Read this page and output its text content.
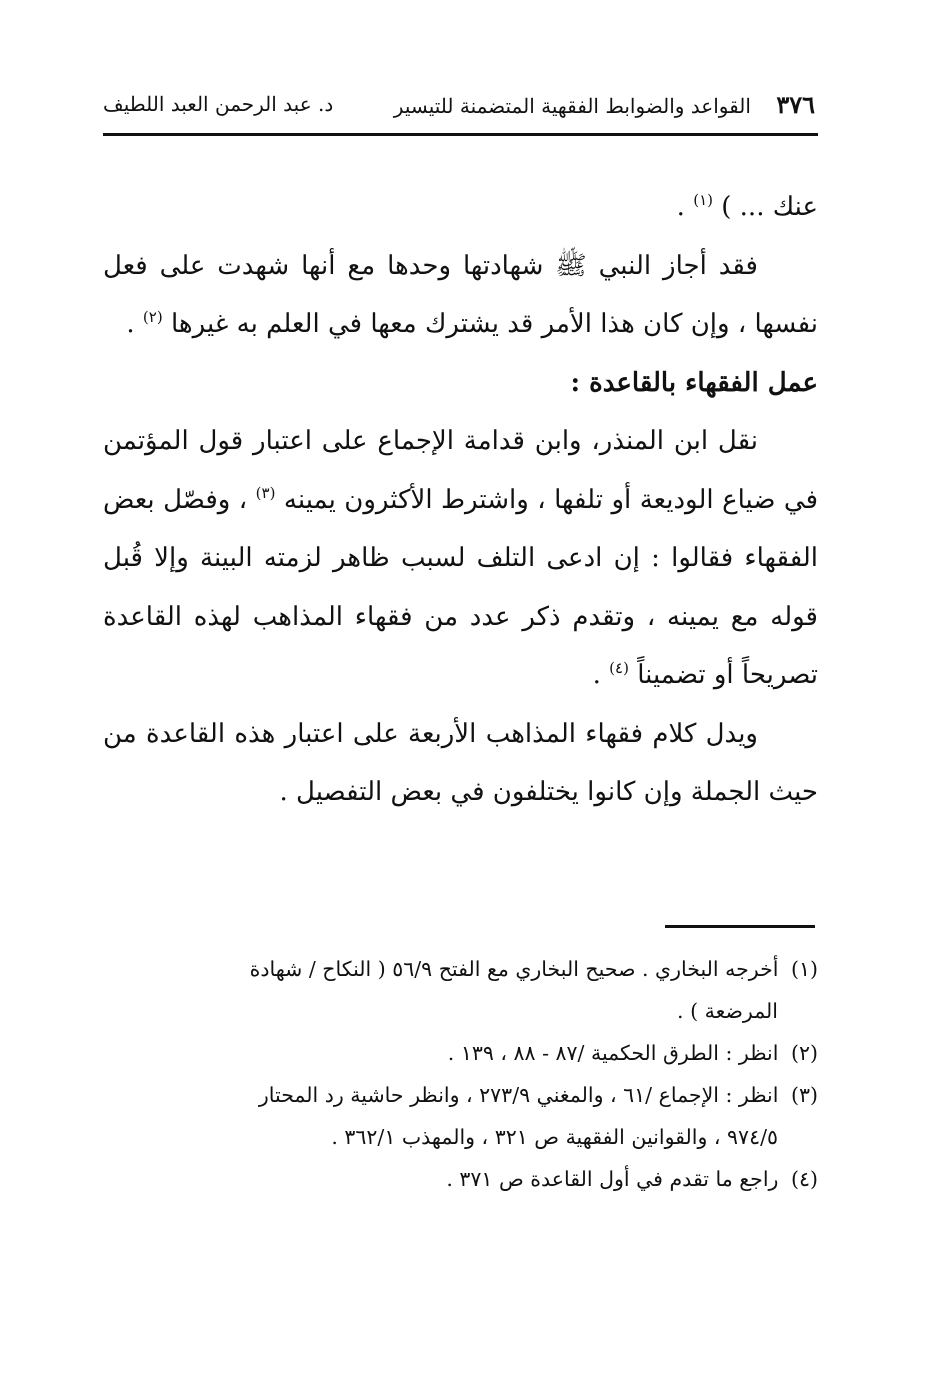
٣٧٦    القواعد والضوابط الفقهية المتضمنة للتيسير
د. عبد الرحمن العبد اللطيف

عنك ... ) $^{(١)}$ .

فقد أجاز النبي ﷺ شهادتها وحدها مع أنها شهدت على فعل نفسها ، وإن كان هذا الأمر قد يشترك معها في العلم به غيرها $^{(٢)}$ .

عمل الفقهاء بالقاعدة :

نقل ابن المنذر، وابن قدامة الإجماع على اعتبار قول المؤتمن في ضياع الوديعة أو تلفها ، واشترط الأكثرون يمينه $^{(٣)}$ ، وفصّل بعض الفقهاء فقالوا : إن ادعى التلف لسبب ظاهر لزمته البينة وإلا قُبل قوله مع يمينه ، وتقدم ذكر عدد من فقهاء المذاهب لهذه القاعدة تصريحاً أو تضميناً $^{(٤)}$ .

ويدل كلام فقهاء المذاهب الأربعة على اعتبار هذه القاعدة من حيث الجملة وإن كانوا يختلفون في بعض التفصيل .

(١) أخرجه البخاري . صحيح البخاري مع الفتح ٥٦/٩ ( النكاح / شهادة
المرضعة ) .

(٢) انظر : الطرق الحكمية /٨٧ - ٨٨ ، ١٣٩ .

(٣) انظر : الإجماع /٦١ ، والمغني ٢٧٣/٩ ، وانظر حاشية رد المحتار
٩٧٤/٥ ، والقوانين الفقهية ص ٣٢١ ، والمهذب ٣٦٢/١ .

(٤) راجع ما تقدم في أول القاعدة ص ٣٧١ .
